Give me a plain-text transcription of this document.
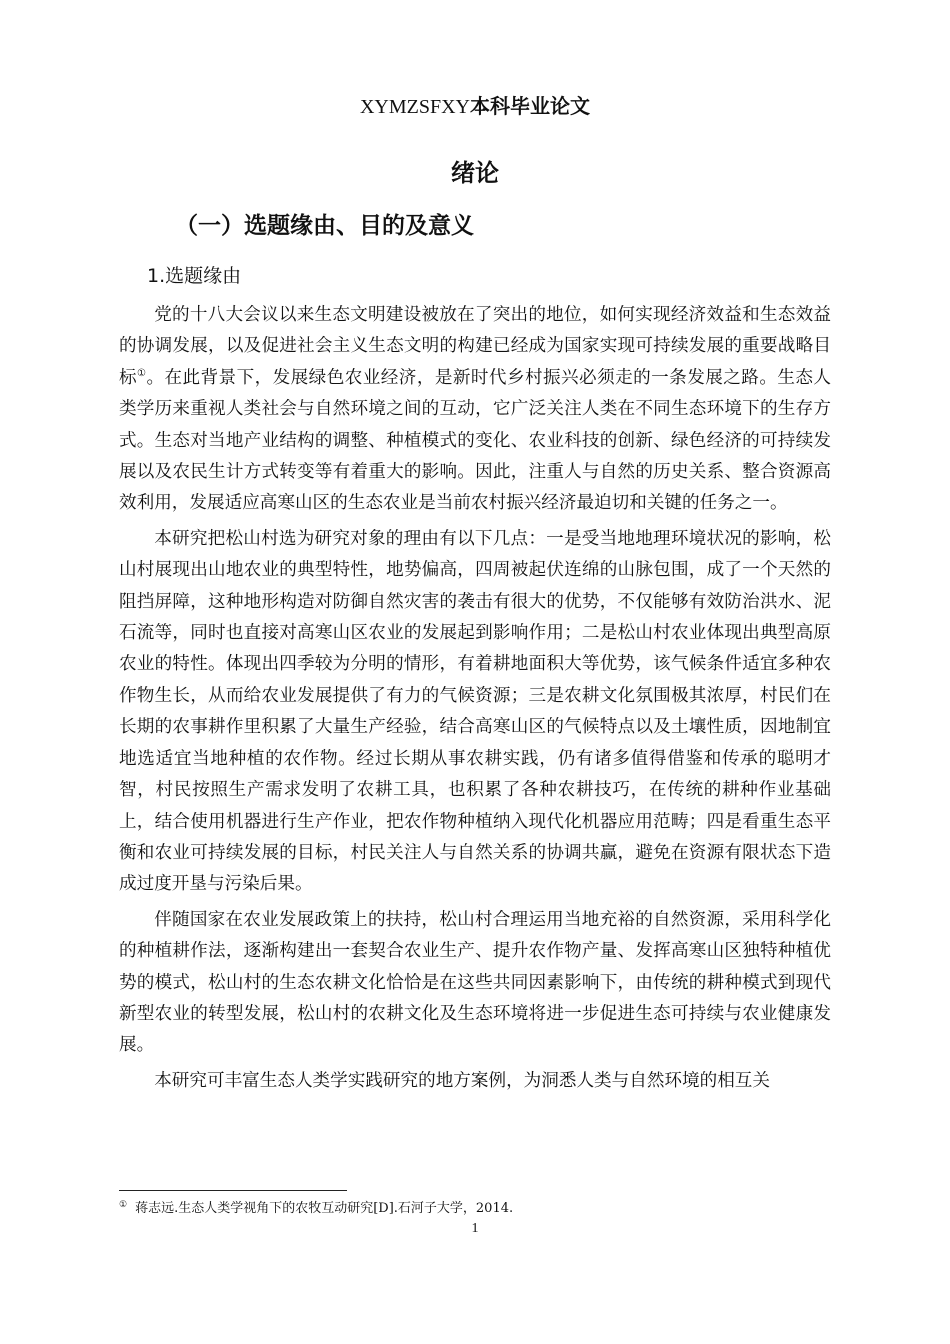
XYMZSFXY本科毕业论文
绪论
（一）选题缘由、目的及意义
1.选题缘由

党的十八大会议以来生态文明建设被放在了突出的地位，如何实现经济效益和生态效益的协调发展，以及促进社会主义生态文明的构建已经成为国家实现可持续发展的重要战略目标①。在此背景下，发展绿色农业经济，是新时代乡村振兴必须走的一条发展之路。生态人类学历来重视人类社会与自然环境之间的互动，它广泛关注人类在不同生态环境下的生存方式。生态对当地产业结构的调整、种植模式的变化、农业科技的创新、绿色经济的可持续发展以及农民生计方式转变等有着重大的影响。因此，注重人与自然的历史关系、整合资源高效利用，发展适应高寒山区的生态农业是当前农村振兴经济最迫切和关键的任务之一。

本研究把松山村选为研究对象的理由有以下几点：一是受当地地理环境状况的影响，松山村展现出山地农业的典型特性，地势偏高，四周被起伏连绵的山脉包围，成了一个天然的阻挡屏障，这种地形构造对防御自然灾害的袭击有很大的优势，不仅能够有效防治洪水、泥石流等，同时也直接对高寒山区农业的发展起到影响作用；二是松山村农业体现出典型高原农业的特性。体现出四季较为分明的情形，有着耕地面积大等优势，该气候条件适宜多种农作物生长，从而给农业发展提供了有力的气候资源；三是农耕文化氛围极其浓厚，村民们在长期的农事耕作里积累了大量生产经验，结合高寒山区的气候特点以及土壤性质，因地制宜地选适宜当地种植的农作物。经过长期从事农耕实践，仍有诸多值得借鉴和传承的聪明才智，村民按照生产需求发明了农耕工具，也积累了各种农耕技巧，在传统的耕种作业基础上，结合使用机器进行生产作业，把农作物种植纳入现代化机器应用范畴；四是看重生态平衡和农业可持续发展的目标，村民关注人与自然关系的协调共赢，避免在资源有限状态下造成过度开垦与污染后果。

伴随国家在农业发展政策上的扶持，松山村合理运用当地充裕的自然资源，采用科学化的种植耕作法，逐渐构建出一套契合农业生产、提升农作物产量、发挥高寒山区独特种植优势的模式，松山村的生态农耕文化恰恰是在这些共同因素影响下，由传统的耕种模式到现代新型农业的转型发展，松山村的农耕文化及生态环境将进一步促进生态可持续与农业健康发展。

本研究可丰富生态人类学实践研究的地方案例，为洞悉人类与自然环境的相互关

① 蒋志远.生态人类学视角下的农牧互动研究[D].石河子大学，2014.
1
